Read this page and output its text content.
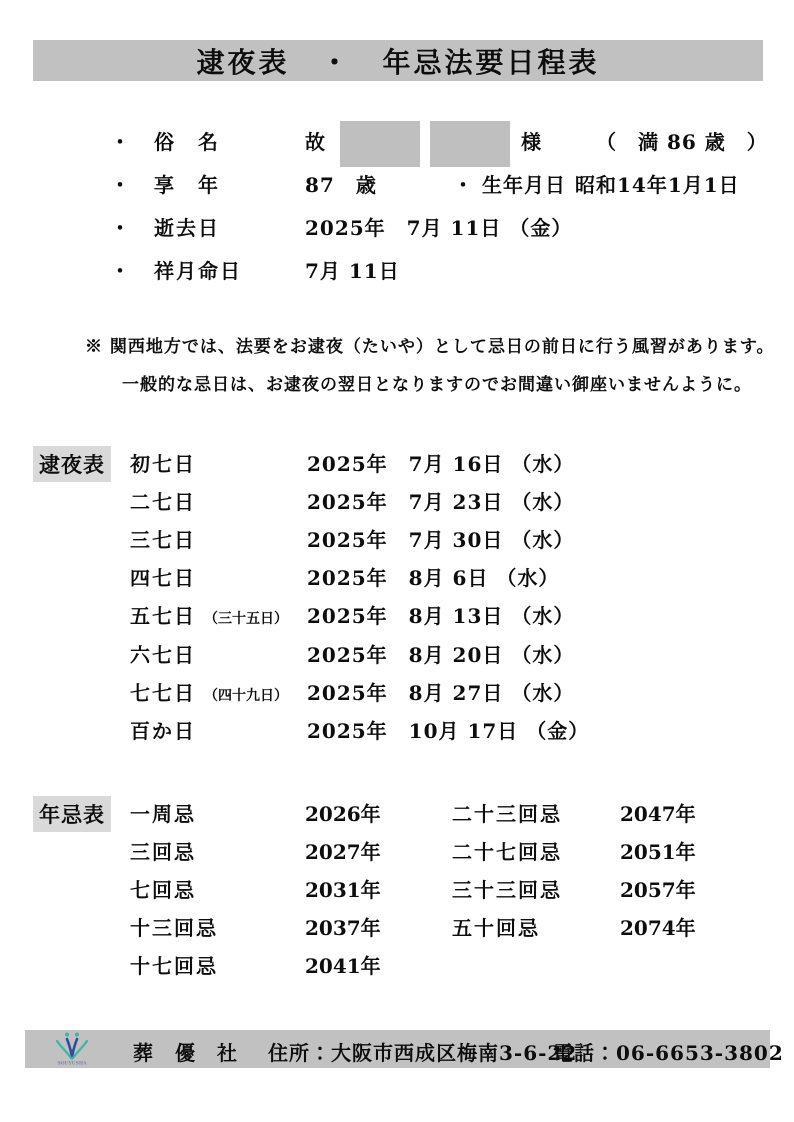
逮夜表　・　年忌法要日程表
・　俗　名	故	様	（　満 86 歳　）
・　享　年	87　歳	・ 生年月日 昭和14年1月1日
・　逝去日	2025年　7月 11日 （金）
・　祥月命日	7月 11日
※ 関西地方では、法要をお逮夜（たいや）として忌日の前日に行う風習があります。
一般的な忌日は、お逮夜の翌日となりますのでお間違い御座いませんように。
逮夜表	初七日	2025年　7月 16日 （水）
二七日	2025年　7月 23日 （水）
三七日	2025年　7月 30日 （水）
四七日	2025年　8月 6日 （水）
五七日 （三十五日） 2025年　8月 13日 （水）
六七日	2025年　8月 20日 （水）
七七日 （四十九日） 2025年　8月 27日 （水）
百か日	2025年　10月 17日 （金）
年忌表	一周忌	2026年	二十三回忌	2047年
三回忌	2027年	二十七回忌	2051年
七回忌	2031年	三十三回忌	2057年
十三回忌	2037年	五十回忌	2074年
十七回忌	2041年
SOUYUSHA 葬　優　社 住所：大阪市西成区梅南3-6-22
電話：06-6653-3802
